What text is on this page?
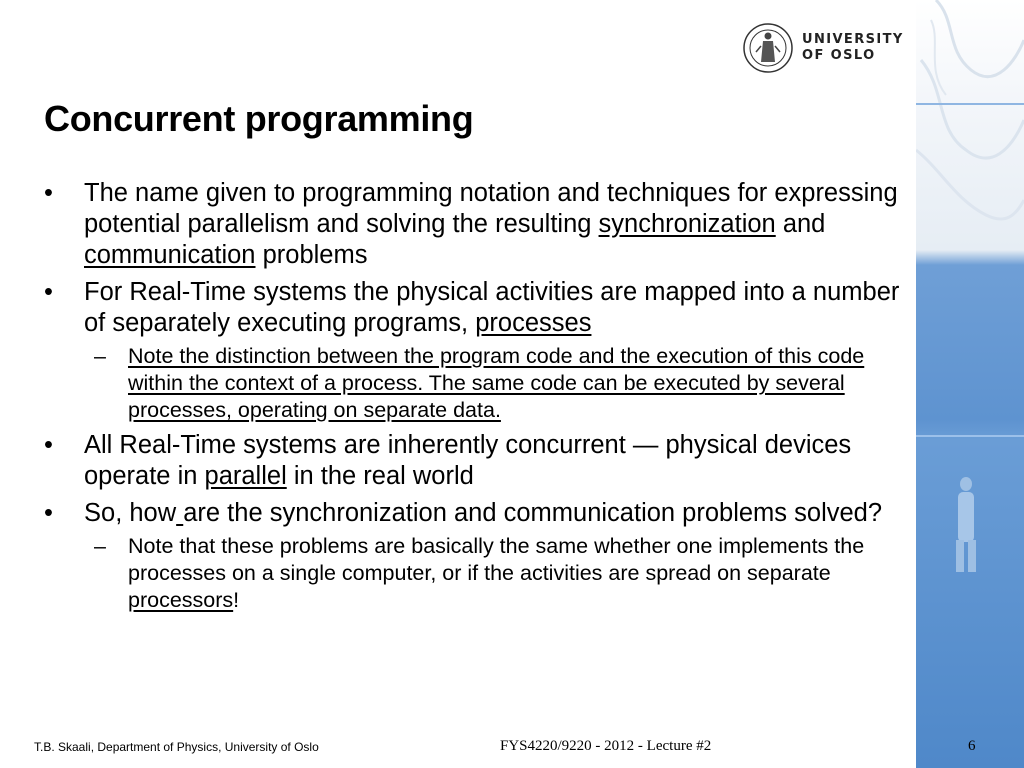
UNIVERSITY
OF OSLO
Concurrent programming
• The name given to programming notation and techniques for expressing potential parallelism and solving the resulting synchronization and communication problems
• For Real-Time systems the physical activities are mapped into a number of separately executing programs, processes
– Note the distinction between the program code and the execution of this code within the context of a process. The same code can be executed by several processes, operating on separate data.
• All Real-Time systems are inherently concurrent — physical devices operate in parallel in the real world
• So, how are the synchronization and communication problems solved?
– Note that these problems are basically the same whether one implements the processes on a single computer, or if the activities are spread on separate processors!
T.B. Skaali, Department of Physics, University of Oslo	FYS4220/9220 - 2012 - Lecture #2	6
